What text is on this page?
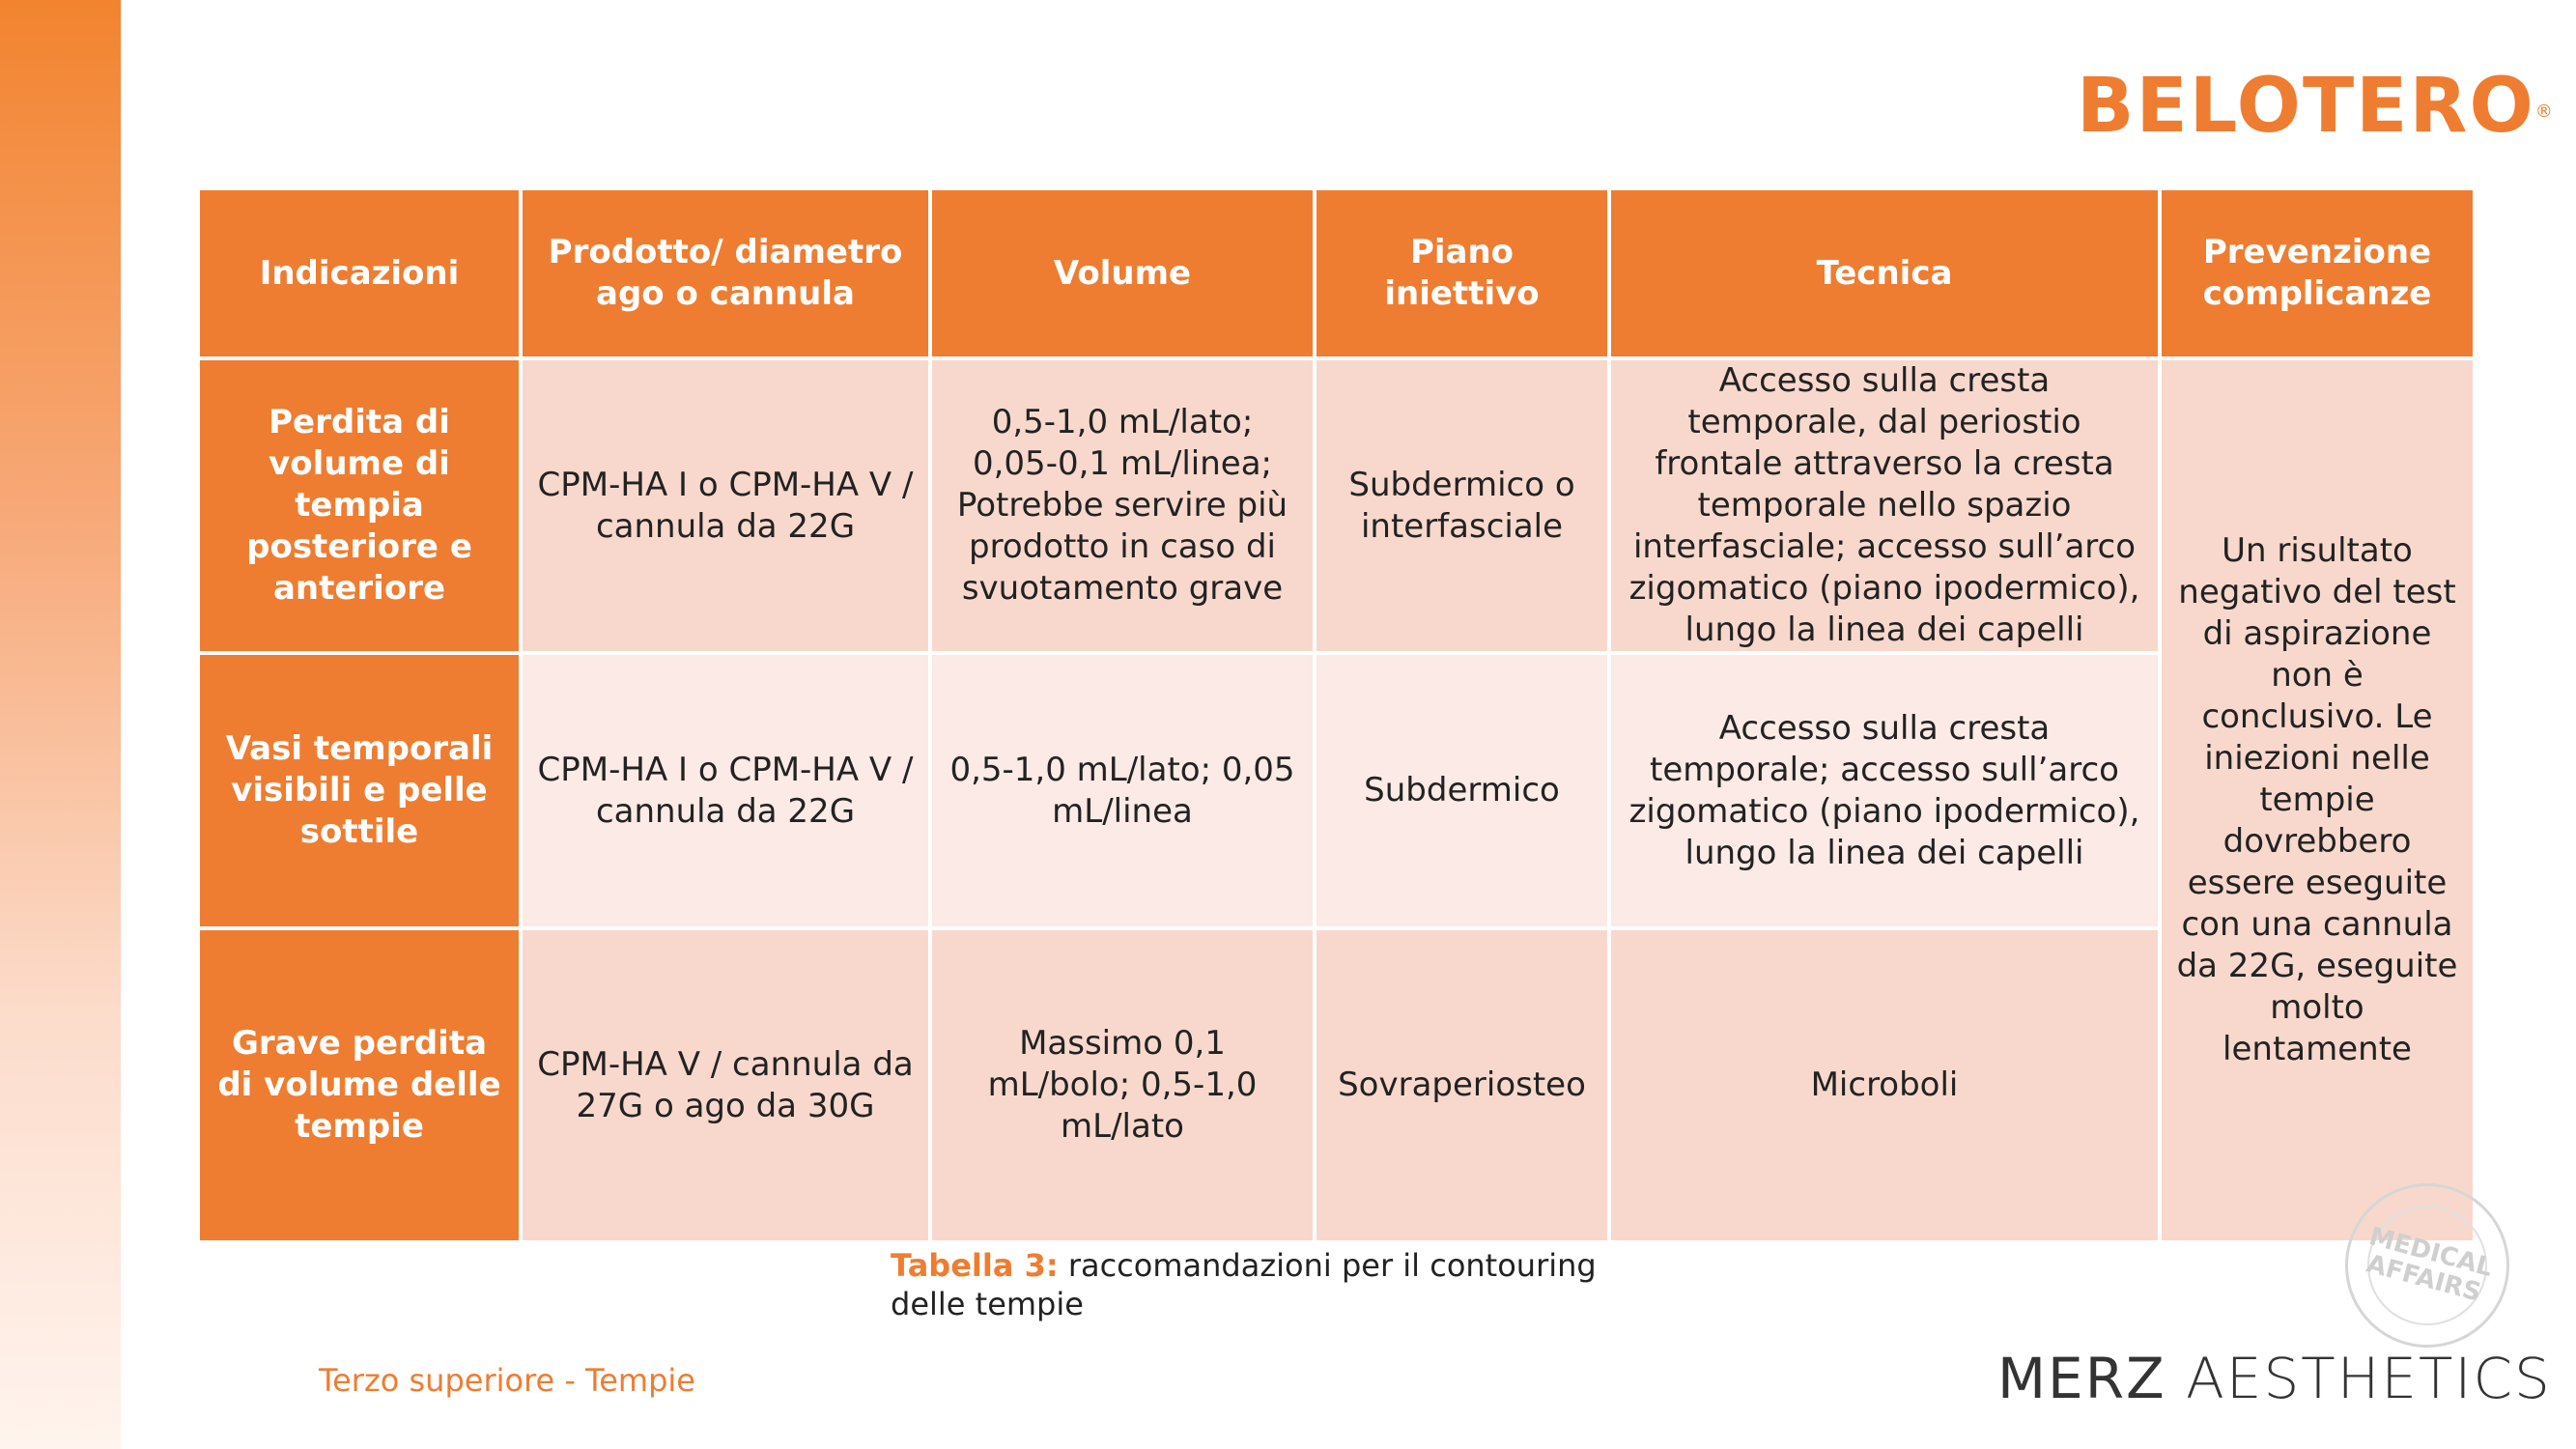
BELOTERO®
Indicazioni	Prodotto/ diametro ago o cannula	Volume	Piano iniettivo	Tecnica	Prevenzione complicanze
Perdita di volume di tempia posteriore e anteriore	CPM-HA I o CPM-HA V / cannula da 22G	0,5-1,0 mL/lato; 0,05-0,1 mL/linea; Potrebbe servire più prodotto in caso di svuotamento grave	Subdermico o interfasciale	Accesso sulla cresta temporale, dal periostio frontale attraverso la cresta temporale nello spazio interfasciale; accesso sull’arco zigomatico (piano ipodermico), lungo la linea dei capelli	Un risultato negativo del test di aspirazione non è conclusivo. Le iniezioni nelle tempie dovrebbero essere eseguite con una cannula da 22G, eseguite molto lentamente
Vasi temporali visibili e pelle sottile	CPM-HA I o CPM-HA V / cannula da 22G	0,5-1,0 mL/lato; 0,05 mL/linea	Subdermico	Accesso sulla cresta temporale; accesso sull’arco zigomatico (piano ipodermico), lungo la linea dei capelli	
Grave perdita di volume delle tempie	CPM-HA V / cannula da 27G o ago da 30G	Massimo 0,1 mL/bolo; 0,5-1,0 mL/lato	Sovraperiosteo	Microboli	
MEDICAL AFFAIRS
Tabella 3: raccomandazioni per il contouring delle tempie
Terzo superiore - Tempie	MERZ AESTHETICS
